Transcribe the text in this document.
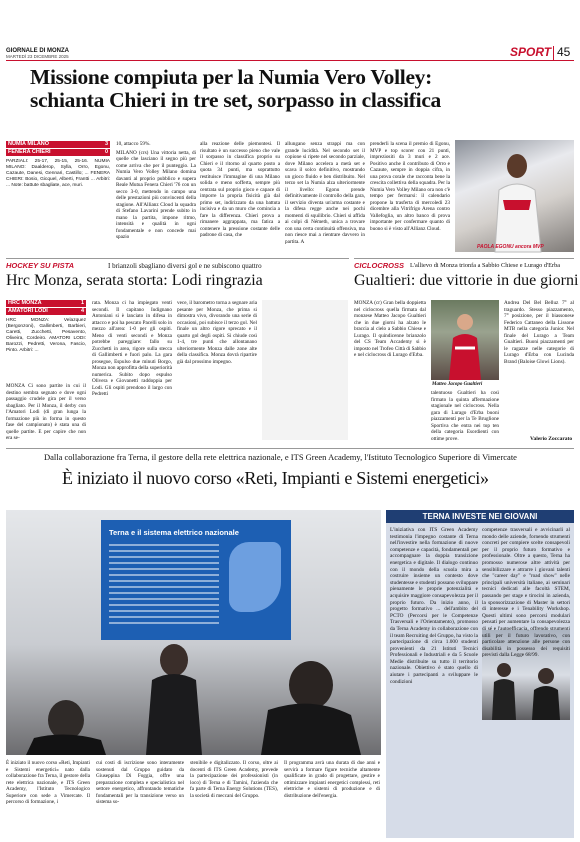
GIORNALE DI MONZA
MARTEDÌ 23 DICEMBRE 2025	SPORT 45
Missione compiuta per la Numia Vero Volley:
schianta Chieri in tre set, sorpasso in classifica
NUMIA MILANO	3
FENERA CHIERI	0
PARZIALI: 25-17, 25-15, 25-16. NUMIA MILANO: Daalderop, Sylla, Orro, Egonu, Cazaute, Danesi, Gennari, Castillo; ... FENERA CHIERI: Bosio, Gicquel, Alberti, Frantti ... Arbitri: ... Note: battute sbagliate, ace, muri.
10, attacco 59%.
MILANO (crs) Una vittoria netta, di quelle che lasciano il segno più per come arriva che per il punteggio. La Numia Vero Volley Milano domina davanti al proprio pubblico e supera Reale Mutua Fenera Chieri '76 con un secco 3-0, mettendo in campo una delle prestazioni più convincenti della stagione. All'Allianz Cloud la squadra di Stefano Lavarini prende subito in mano la partita, impone ritmo, intensità e qualità in ogni fondamentale e non concede mai spazio
alla reazione delle piemontesi. Il risultato è un successo pieno che vale il sorpasso in classifica proprio su Chieri e il ritorno al quarto posto a quota 34 punti, ma soprattutto restituisce l'immagine di una Milano solida e meno sofferta, sempre più centrata sul proprio gioco e capace di imporre la propria fisicità già dal primo set, indirizzato da una battuta incisiva e da un muro che comincia a fare la differenza. Chieri prova a rimanere aggrappata, ma fatica a contenere la pressione costante delle padrone di casa, che
allungano senza strappi ma con grande lucidità. Nel secondo set il copione si ripete nel secondo parziale, dove Milano accelera a metà set e scava il solco definitivo, mostrando un gioco fluido e ben distribuito. Nel terzo set la Numia alza ulteriormente il livello: Egonu prende definitivamente il controllo della gara, il servizio diventa un'arma costante e la difesa regge anche nei pochi momenti di squilibrio. Chieri si affida ai colpi di Németh, unica a trovare con una certa continuità offensiva, ma non riesce mai a rientrare davvero in partita. A
prenderli la scena il premio di Egonu, MVP e top scorer con 21 punti, impreziositi da 3 muri e 2 ace. Positivo anche il contributo di Orro e Cazaute, sempre in doppia cifra, in una prova corale che racconta bene la crescita collettiva della squadra. Per la Numia Vero Volley Milano ora non c'è tempo per fermarsi: il calendario propone la trasferta di mercoledì 23 dicembre alla Vitrifrigo Arena contro Vallefoglia, un altro banco di prova importante per confermare quanto di buono si è visto all'Allianz Cloud.
PAOLA EGONU ancora MVP
HOCKEY SU PISTA	I brianzoli sbagliano diversi gol e ne subiscono quattro
Hrc Monza, serata storta: Lodi ringrazia
HRC MONZA	1
AMATORI LODI	4
HRC MONZA: Velazquez (Bergonzoni), Gallimberti, Barbieri, Caretti, Zucchetti, Pesavento, Oliveira, Cordeiro. AMATORI LODI: Barozzi, Pedretti, Verona, Fascio, Pinto. Arbitri: ...
MONZA Ci sono partite in cui il destino sembra segnato e dove ogni passaggio crudele gira per il verso sbagliato. Per il Monza, il derby con l'Amatori Lodi (di gran lunga la formazione più in forma in questo fase del campionato) è stata una di quelle partite. E per capire che non era se-
rata. Monza ci ha impiegato venti secondi. Il capitano Iudignano Antoniani si è lanciato in difesa in attacco e poi ha pescato Pacelli solo in mezzo all'area: 1-0 per gli ospiti. Meno di venti secondi e Monza potrebbe pareggiare: fallo su Zucchetti in area, rigore sulla stecca di Gallimberti e fuori palo. La gara prosegue, Espulso due minuti Borgo, Monza non approfitta della superiorità numerica. Subito dopo espulso Olivera e Giovanetti raddoppia per Lodi. Gli ospiti prendono il largo con Pedretti
vece, il barometro torna a segnare aria pesante per Monza, che prima si dimostra vivo, divorando una serie di occasioni, poi subisce il terzo gol. Nel finale un altro rigore sprecato e il quarto gol degli ospiti. Si chiude così 1-4, tre punti che allontanano ulteriormente Monza dalle zone alte della classifica. Monza dovrà ripartire già dal prossimo impegno.
CICLOCROSS L'allievo di Monza trionfa a Sabbio Chiese e Lurago d'Erba
Gualtieri: due vittorie in due giorni
MONZA (cr) Gran bella doppietta nel ciclocross quella firmata dal monzese Matteo Jacopo Gualtieri che in due giorni ha alzato le braccia al cielo a Sabbio Chiese e Lurago. Il quindicenne brianzolo del CS Team Accademy si è imposto nel Trofeo Città di Sabbio e nel ciclocross di Lurago d'Erba.
Matteo Jacopo Gualtieri
talentuoso Gualtieri ha così firmato la quinta affermazione stagionale nel ciclocross. Nella gara di Lurago d'Erba buoni piazzamenti per la Te Bruglione Sportiva che entra nei top ten della categoria Esordienti con ottime prove.
Andrea Del Bel Belluz 7° al traguardo. Stesso piazzamento, 7° posizione, per il biassonese Federico Cattaneo della Lissone MTB nella categoria Junior. Nel finale del Lurago a Team Gualtieri. Buoni piazzamenti per le ragazze nelle categorie di Lurago d'Erba con Lucinda Brand (Baloise Glowi Lions).
Valerio Zoccarato
Dalla collaborazione fra Terna, il gestore della rete elettrica nazionale, e ITS Green Academy, l'Istituto Tecnologico Superiore di Vimercate
È iniziato il nuovo corso «Reti, Impianti e Sistemi energetici»
Terna e il sistema elettrico nazionale
È iniziato il nuovo corso «Reti, Impianti e Sistemi energetici» nato dalla collaborazione fra Terna, il gestore della rete elettrica nazionale, e ITS Green Academy, l'Istituto Tecnologico Superiore con sede a Vimercate. Il percorso di formazione, i
cui costi di iscrizione sono interamente sostenuti dal Gruppo guidato da Giuseppina Di Foggia, offre una preparazione completa e specialistica nel settore energetico, affrontando tematiche fondamentali per la transizione verso un sistema so-
stenibile e digitalizzato. Il corso, oltre ai docenti di ITS Green Academy, prevede la partecipazione dei professionisti (in loco) di Terna e di Tamini, l'azienda che fa parte di Terna Energy Solutions (TES), la società di meccani del Gruppo.
Il programma avrà una durata di due anni e servirà a formare figure tecniche altamente qualificate in grado di progettare, gestire e ottimizzare impianti energetici complessi, reti elettriche e sistemi di produzione e di distribuzione dell'energia.
TERNA INVESTE NEI GIOVANI
L'iniziativa con ITS Green Academy testimonia l'impegno costante di Terna nell'investire nella formazione di nuove competenze e capacità, fondamentali per accompagnare la doppia transizione energetica e digitale. Il dialogo continuo con il mondo della scuola mira a costruire insieme un contesto dove studentesse e studenti possano sviluppare pienamente le proprie potenzialità e acquisire maggiore consapevolezza per il proprio futuro. Da inizio anno, il progetto formativo ... dell'ambito del PCTO (Percorsi per le Competenze Trasversali e l'Orientamento), promosso da Terna Academy in collaborazione con il team Recruiting del Gruppo, ha visto la partecipazione di circa 1.000 studenti provenienti da 21 Istituti Tecnici Professionali e Industriali e da 5 Scuole Medie distribuite su tutto il territorio nazionale. Obiettivo è stato quello di aiutare i partecipanti a sviluppare le condizioni
competenze trasversali e avvicinarli al mondo delle aziende, fornendo strumenti concreti per compiere scelte consapevoli per il proprio futuro formativo e professionale. Oltre a questo, Terna ha promosso numerose altre attività per sensibilizzare e attrarre i giovani talenti che "career day" e "road show" nelle principali università italiane, ai seminari tecnici dedicati alle facoltà STEM, passando per stage e tirocini in azienda, la sponsorizzazione di Master in settori di interesse e i Tenability Workshop. Questi ultimi sono percorsi modulari pensati per aumentare la consapevolezza di sé e l'autoefficacia, offrendo strumenti utili per il futuro lavorativo, con particolare attenzione alle persone con disabilità in possesso dei requisiti previsti dalla Legge 68/99.
